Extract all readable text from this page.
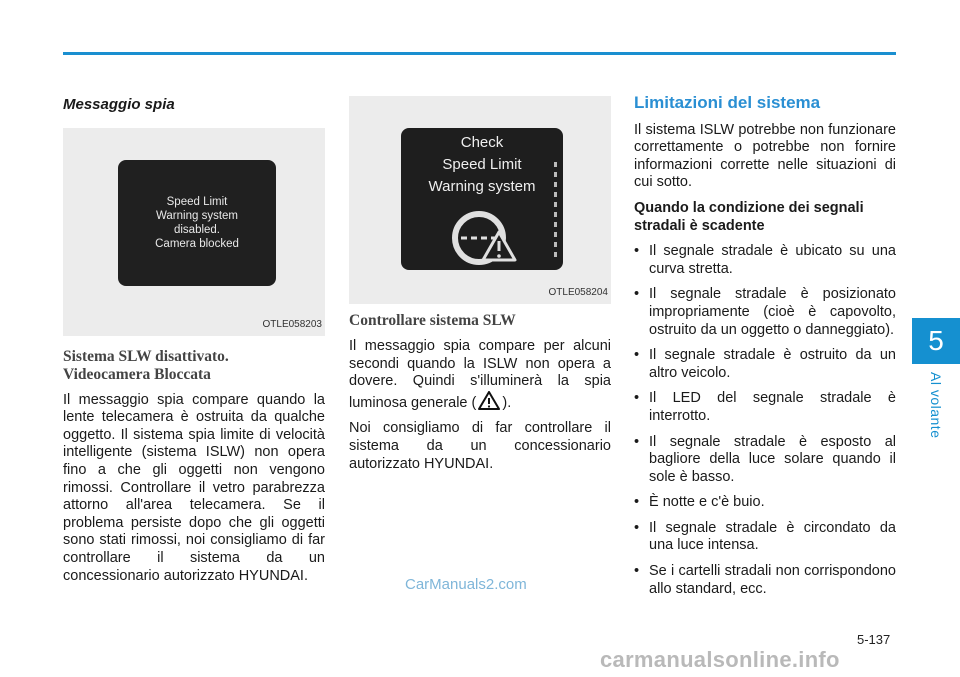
5
Al volante
Messaggio spia
Speed Limit
Warning system
disabled.
Camera blocked
OTLE058203
Sistema SLW disattivato.
Videocamera Bloccata

Il messaggio spia compare quando la lente telecamera è ostruita da qualche oggetto. Il sistema spia limite di velocità intelligente (sistema ISLW) non opera fino a che gli oggetti non vengono rimossi. Controllare il vetro parabrezza attorno all'area telecamera. Se il problema persiste dopo che gli oggetti sono stati rimossi, noi consigliamo di far controllare il sistema da un concessionario autorizzato HYUNDAI.

Check
Speed Limit
Warning system
OTLE058204
Controllare sistema SLW

Il messaggio spia compare per alcuni secondi quando la ISLW non opera a dovere. Quindi s'illuminerà la spia luminosa generale ( ).

Noi consigliamo di far controllare il sistema da un concessionario autorizzato HYUNDAI.

Limitazioni del sistema

Il sistema ISLW potrebbe non funzionare correttamente o potrebbe non fornire informazioni corrette nelle situazioni di cui sotto.

Quando la condizione dei segnali stradali è scadente
• Il segnale stradale è ubicato su una curva stretta.
• Il segnale stradale è posizionato impropriamente (cioè è capovolto, ostruito da un oggetto o danneggiato).
• Il segnale stradale è ostruito da un altro veicolo.
• Il LED del segnale stradale è interrotto.
• Il segnale stradale è esposto al bagliore della luce solare quando il sole è basso.
• È notte e c'è buio.
• Il segnale stradale è circondato da una luce intensa.
• Se i cartelli stradali non corrispondono allo standard, ecc.
CarManuals2.com
5-137
carmanualsonline.info
